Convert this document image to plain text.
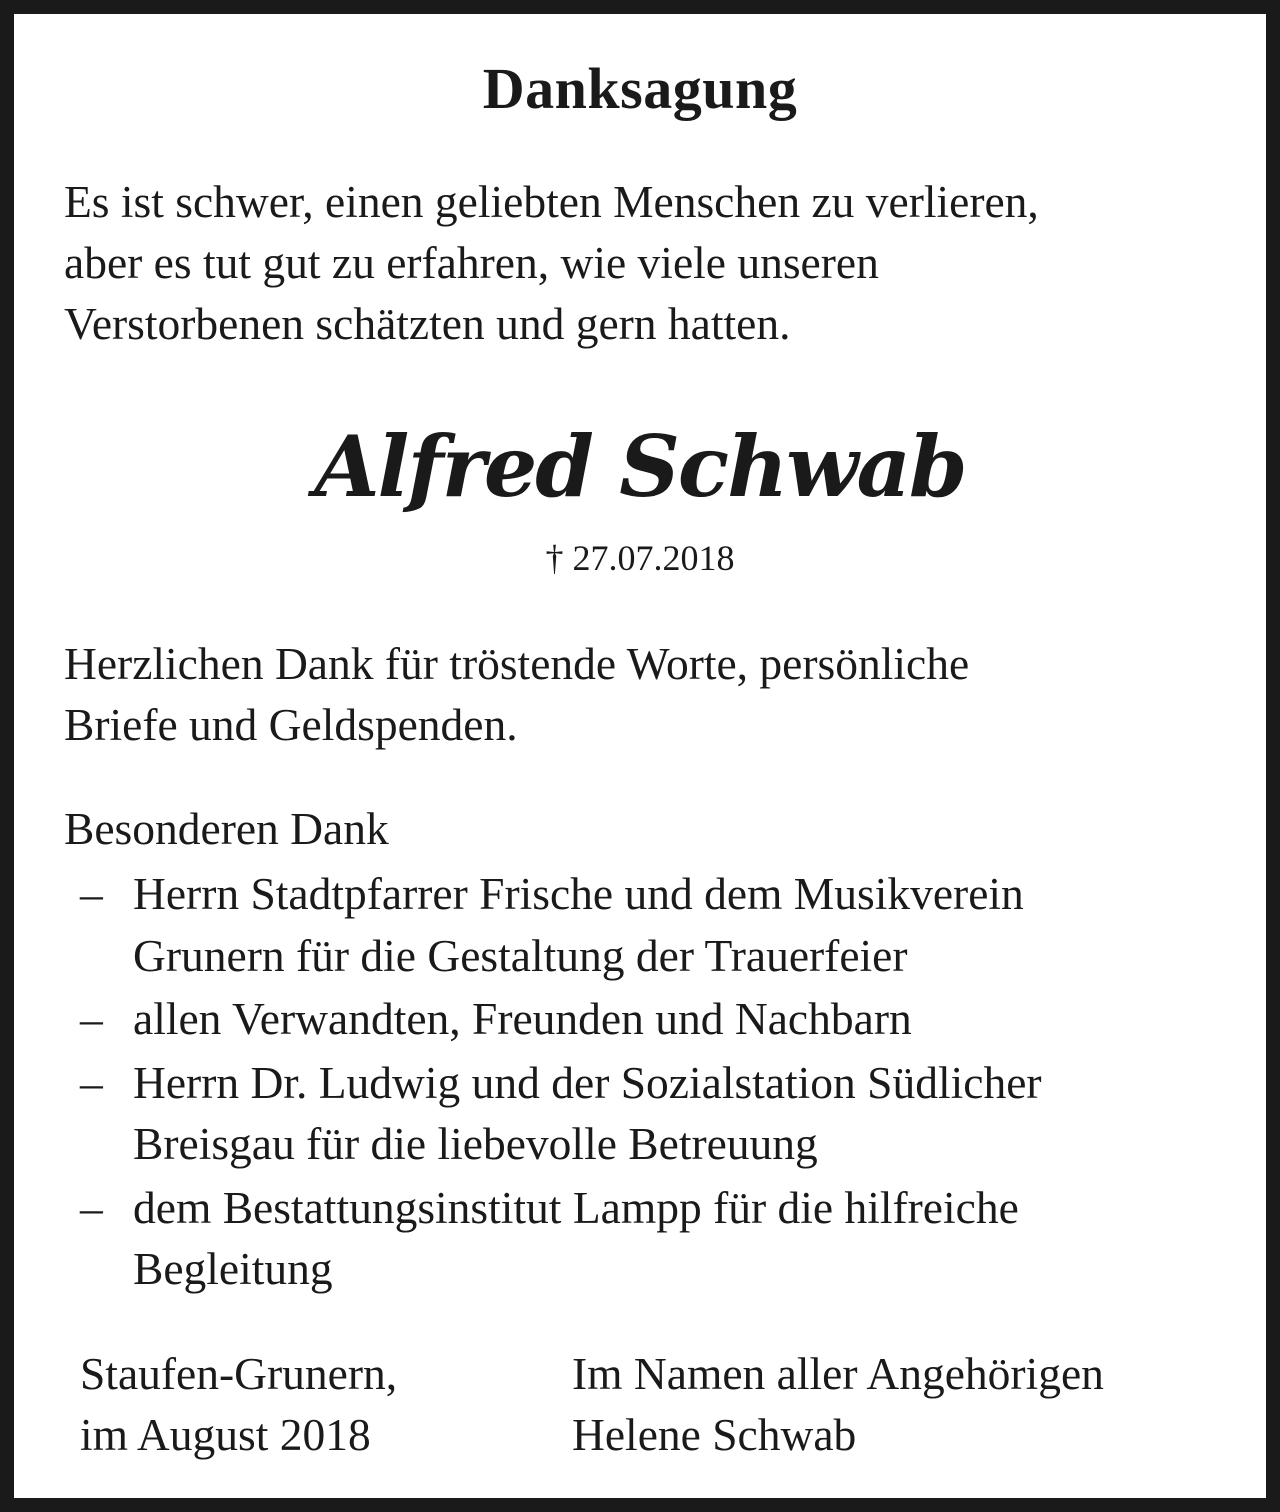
Danksagung
Es ist schwer, einen geliebten Menschen zu verlieren,
aber es tut gut zu erfahren, wie viele unseren
Verstorbenen schätzten und gern hatten.
Alfred Schwab
† 27.07.2018
Herzlichen Dank für tröstende Worte, persönliche
Briefe und Geldspenden.
Besonderen Dank
– Herrn Stadtpfarrer Frische und dem Musikverein
Grunern für die Gestaltung der Trauerfeier
– allen Verwandten, Freunden und Nachbarn
– Herrn Dr. Ludwig und der Sozialstation Südlicher
Breisgau für die liebevolle Betreuung
– dem Bestattungsinstitut Lampp für die hilfreiche
Begleitung
Staufen-Grunern,
im August 2018
Im Namen aller Angehörigen
Helene Schwab
